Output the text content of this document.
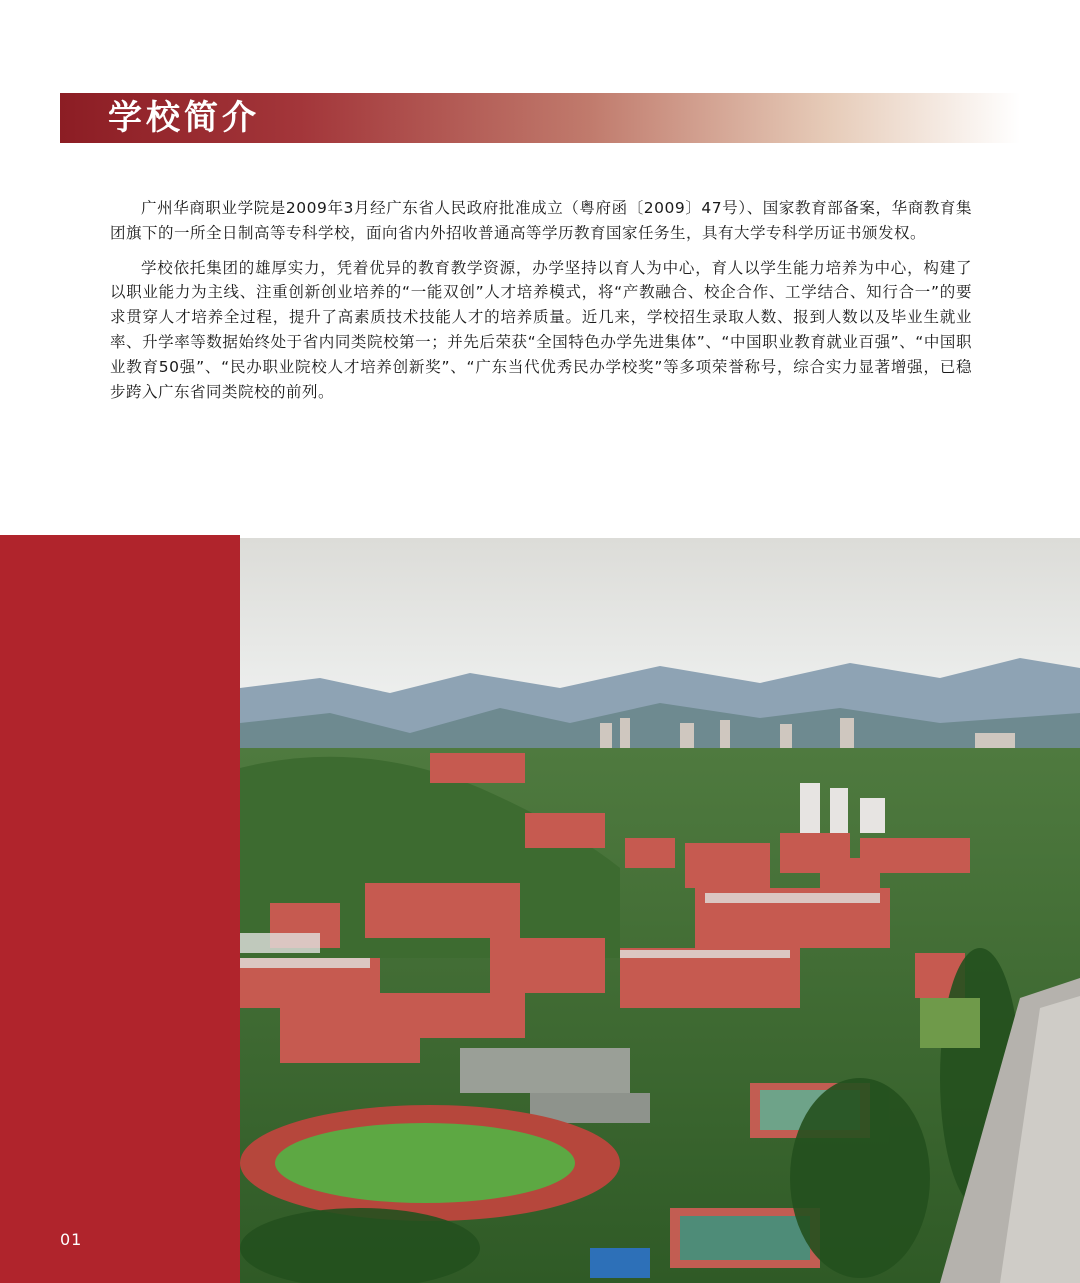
学校简介

广州华商职业学院是2009年3月经广东省人民政府批准成立（粤府函〔2009〕47号）、国家教育部备案，华商教育集团旗下的一所全日制高等专科学校，面向省内外招收普通高等学历教育国家任务生，具有大学专科学历证书颁发权。

学校依托集团的雄厚实力，凭着优异的教育教学资源，办学坚持以育人为中心，育人以学生能力培养为中心，构建了以职业能力为主线、注重创新创业培养的“一能双创”人才培养模式，将“产教融合、校企合作、工学结合、知行合一”的要求贯穿人才培养全过程，提升了高素质技术技能人才的培养质量。近几来，学校招生录取人数、报到人数以及毕业生就业率、升学率等数据始终处于省内同类院校第一；并先后荣获“全国特色办学先进集体”、“中国职业教育就业百强”、“中国职业教育50强”、“民办职业院校人才培养创新奖”、“广东当代优秀民办学校奖”等多项荣誉称号，综合实力显著增强，已稳步跨入广东省同类院校的前列。

01
